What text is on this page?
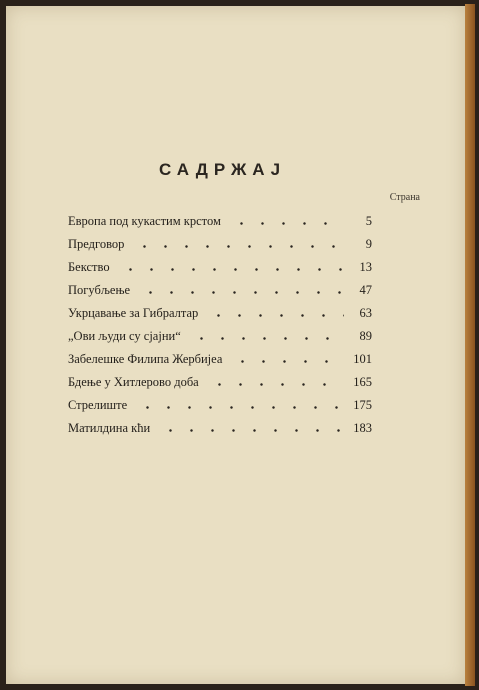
САДРЖАЈ
Страна
Европа под кукастим крстом	5
Предговор	9
Бекство	13
Погубљење	47
Укрцавање за Гибралтар	63
„Ови људи су сјајни“	89
Забелешке Филипа Жербијеа	101
Бдење у Хитлерово доба	165
Стрелиште	175
Матилдина кћи	183
